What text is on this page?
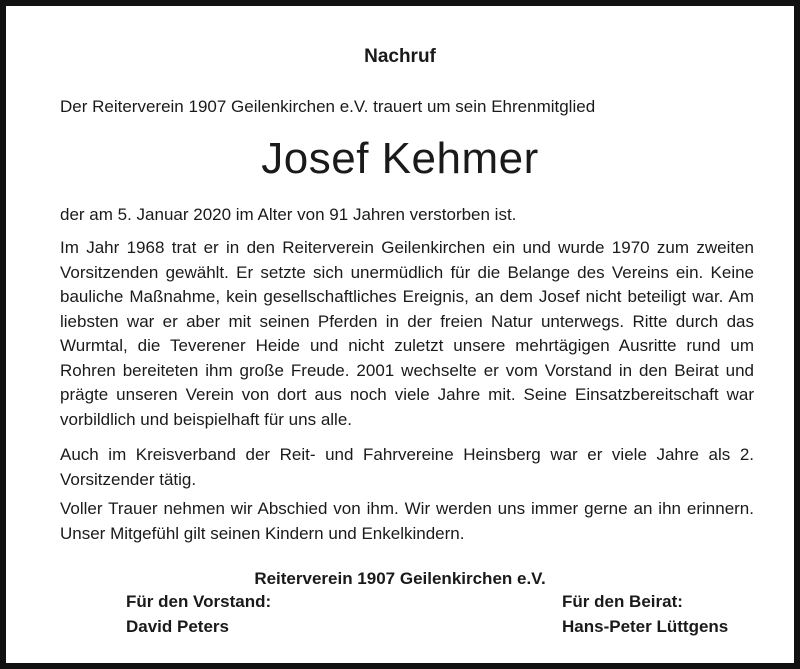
Nachruf
Der Reiterverein 1907 Geilenkirchen e.V. trauert um sein Ehrenmitglied
Josef Kehmer
der am 5. Januar 2020 im Alter von 91 Jahren verstorben ist.

Im Jahr 1968 trat er in den Reiterverein Geilenkirchen ein und wurde 1970 zum zweiten Vorsitzenden gewählt. Er setzte sich unermüdlich für die Belange des Vereins ein. Keine bauliche Maßnahme, kein gesellschaftliches Ereignis, an dem Josef nicht beteiligt war. Am liebsten war er aber mit seinen Pferden in der freien Natur unterwegs. Ritte durch das Wurmtal, die Teverener Heide und nicht zuletzt unsere mehrtägigen Ausritte rund um Rohren bereiteten ihm große Freude. 2001 wechselte er vom Vorstand in den Beirat und prägte unseren Verein von dort aus noch viele Jahre mit. Seine Einsatzbereitschaft war vorbildlich und beispielhaft für uns alle.

Auch im Kreisverband der Reit- und Fahrvereine Heinsberg war er viele Jahre als 2. Vorsitzender tätig.

Voller Trauer nehmen wir Abschied von ihm. Wir werden uns immer gerne an ihn erinnern. Unser Mitgefühl gilt seinen Kindern und Enkelkindern.

Reiterverein 1907 Geilenkirchen e.V.
Für den Vorstand:
David Peters
Für den Beirat:
Hans-Peter Lüttgens
